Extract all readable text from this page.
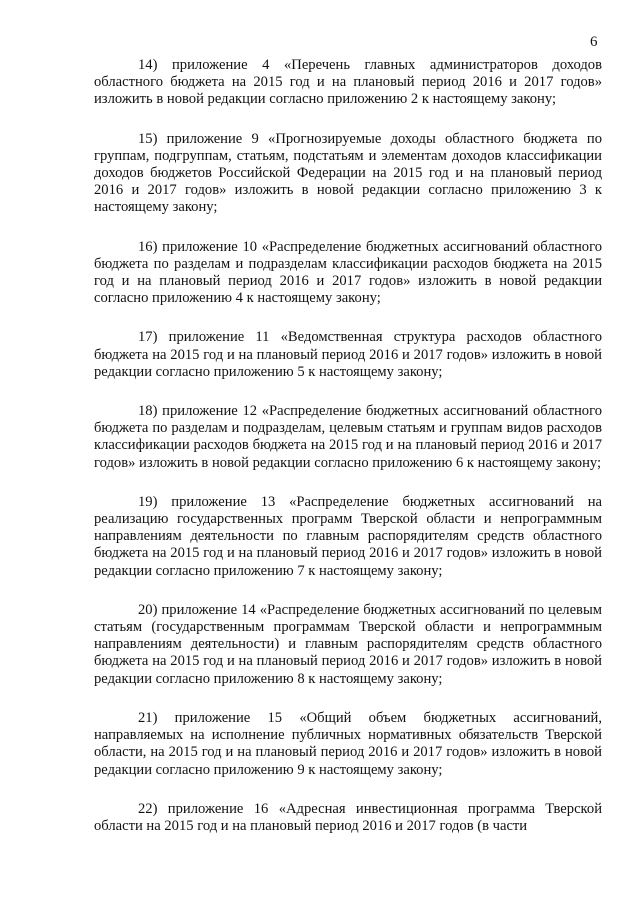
6

14) приложение 4 «Перечень главных администраторов доходов областного бюджета на 2015 год и на плановый период 2016 и 2017 годов» изложить в новой редакции согласно приложению 2 к настоящему закону;

15) приложение 9 «Прогнозируемые доходы областного бюджета по группам, подгруппам, статьям, подстатьям и элементам доходов классификации доходов бюджетов Российской Федерации на 2015 год и на плановый период 2016 и 2017 годов» изложить в новой редакции согласно приложению 3 к настоящему закону;

16) приложение 10 «Распределение бюджетных ассигнований областного бюджета по разделам и подразделам классификации расходов бюджета на 2015 год и на плановый период 2016 и 2017 годов» изложить в новой редакции согласно приложению 4 к настоящему закону;

17) приложение 11 «Ведомственная структура расходов областного бюджета на 2015 год и на плановый период 2016 и 2017 годов» изложить в новой редакции согласно приложению 5 к настоящему закону;

18) приложение 12 «Распределение бюджетных ассигнований областного бюджета по разделам и подразделам, целевым статьям и группам видов расходов классификации расходов бюджета на 2015 год и на плановый период 2016 и 2017 годов» изложить в новой редакции согласно приложению 6 к настоящему закону;

19) приложение 13 «Распределение бюджетных ассигнований на реализацию государственных программ Тверской области и непрограммным направлениям деятельности по главным распорядителям средств областного бюджета на 2015 год и на плановый период 2016 и 2017 годов» изложить в новой редакции согласно приложению 7 к настоящему закону;

20) приложение 14 «Распределение бюджетных ассигнований по целевым статьям (государственным программам Тверской области и непрограммным направлениям деятельности) и главным распорядителям средств областного бюджета на 2015 год и на плановый период 2016 и 2017 годов» изложить в новой редакции согласно приложению 8 к настоящему закону;

21) приложение 15 «Общий объем бюджетных ассигнований, направляемых на исполнение публичных нормативных обязательств Тверской области, на 2015 год и на плановый период 2016 и 2017 годов» изложить в новой редакции согласно приложению 9 к настоящему закону;

22) приложение 16 «Адресная инвестиционная программа Тверской области на 2015 год и на плановый период 2016 и 2017 годов (в части
